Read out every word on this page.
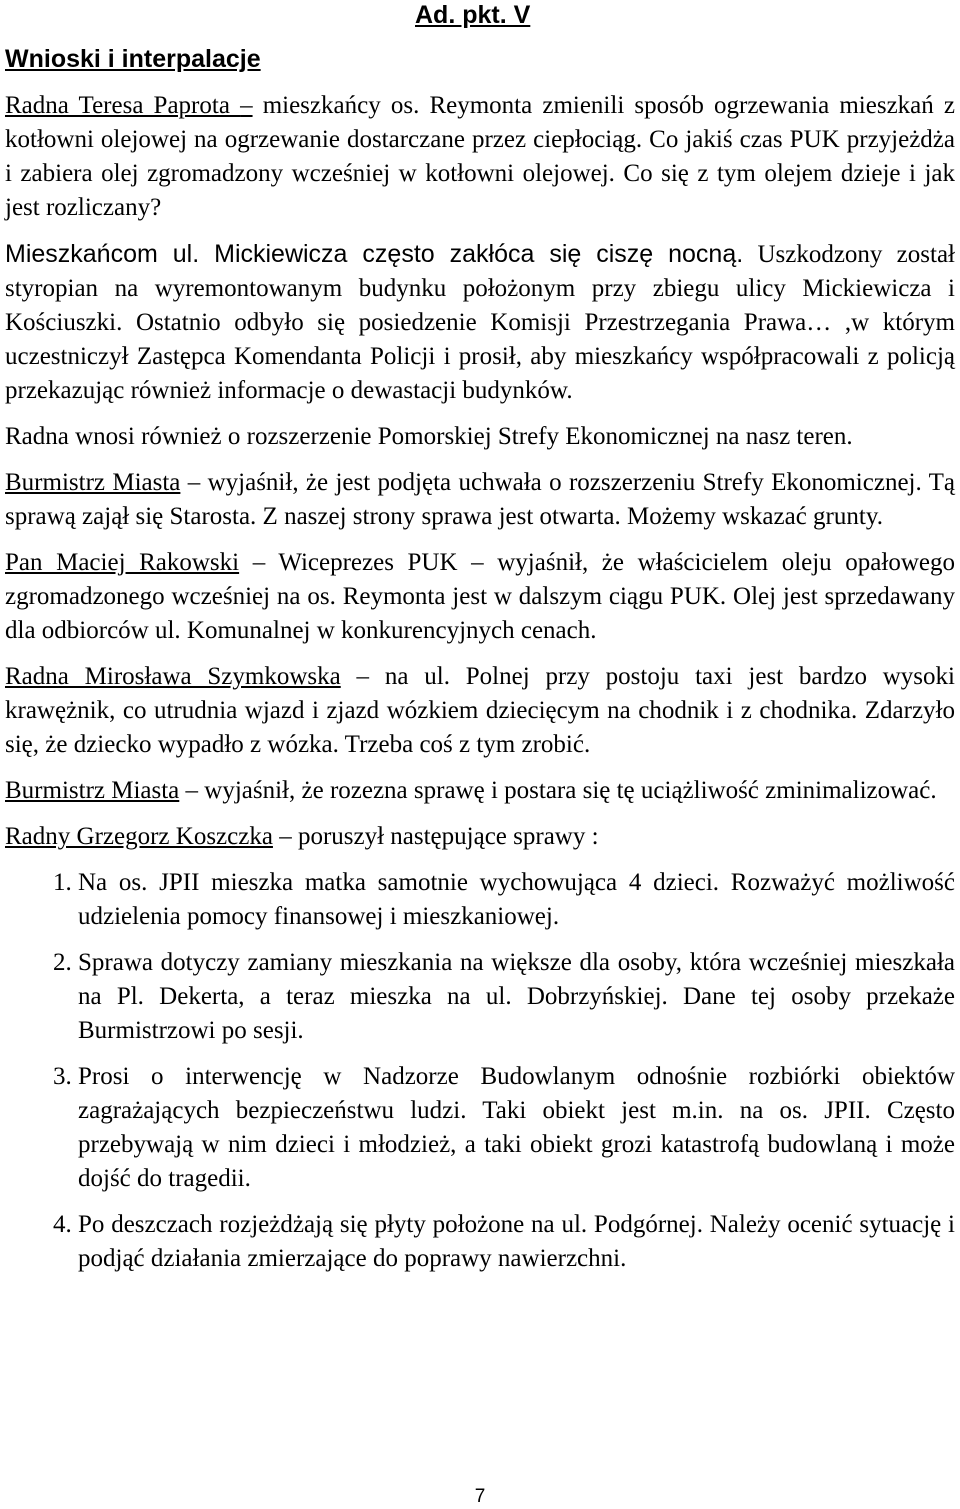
Ad. pkt. V
Wnioski i interpalacje

Radna Teresa Paprota – mieszkańcy os. Reymonta zmienili sposób ogrzewania mieszkań z kotłowni olejowej na ogrzewanie dostarczane przez ciepłociąg. Co jakiś czas PUK przyjeżdża i zabiera olej zgromadzony wcześniej w kotłowni olejowej. Co się z tym olejem dzieje i jak jest rozliczany?

Mieszkańcom ul. Mickiewicza często zakłóca się ciszę nocną. Uszkodzony został styropian na wyremontowanym budynku położonym przy zbiegu ulicy Mickiewicza i Kościuszki. Ostatnio odbyło się posiedzenie Komisji Przestrzegania Prawa… ,w którym uczestniczył Zastępca Komendanta Policji i prosił, aby mieszkańcy współpracowali z policją przekazując również informacje o dewastacji budynków.

Radna wnosi również o rozszerzenie Pomorskiej Strefy Ekonomicznej na nasz teren.

Burmistrz Miasta – wyjaśnił, że jest podjęta uchwała o rozszerzeniu Strefy Ekonomicznej. Tą sprawą zajął się Starosta. Z naszej strony sprawa jest otwarta. Możemy wskazać grunty.

Pan Maciej Rakowski – Wiceprezes PUK – wyjaśnił, że właścicielem oleju opałowego zgromadzonego wcześniej na os. Reymonta jest w dalszym ciągu PUK. Olej jest sprzedawany dla odbiorców ul. Komunalnej w konkurencyjnych cenach.

Radna Mirosława Szymkowska – na ul. Polnej przy postoju taxi jest bardzo wysoki krawężnik, co utrudnia wjazd i zjazd wózkiem dziecięcym na chodnik i z chodnika. Zdarzyło się, że dziecko wypadło z wózka. Trzeba coś z tym zrobić.

Burmistrz Miasta – wyjaśnił, że rozezna sprawę i postara się tę uciążliwość zminimalizować.

Radny Grzegorz Koszczka – poruszył następujące sprawy :

1. Na os. JPII mieszka matka samotnie wychowująca 4 dzieci. Rozważyć możliwość udzielenia pomocy finansowej i mieszkaniowej.
2. Sprawa dotyczy zamiany mieszkania na większe dla osoby, która wcześniej mieszkała na Pl. Dekerta, a teraz mieszka na ul. Dobrzyńskiej. Dane tej osoby przekaże Burmistrzowi po sesji.
3. Prosi o interwencję w Nadzorze Budowlanym odnośnie rozbiórki obiektów zagrażających bezpieczeństwu ludzi. Taki obiekt jest m.in. na os. JPII. Często przebywają w nim dzieci i młodzież, a taki obiekt grozi katastrofą budowlaną i może dojść do tragedii.
4. Po deszczach rozjeżdżają się płyty położone na ul. Podgórnej. Należy ocenić sytuację i podjąć działania zmierzające do poprawy nawierzchni.
7
